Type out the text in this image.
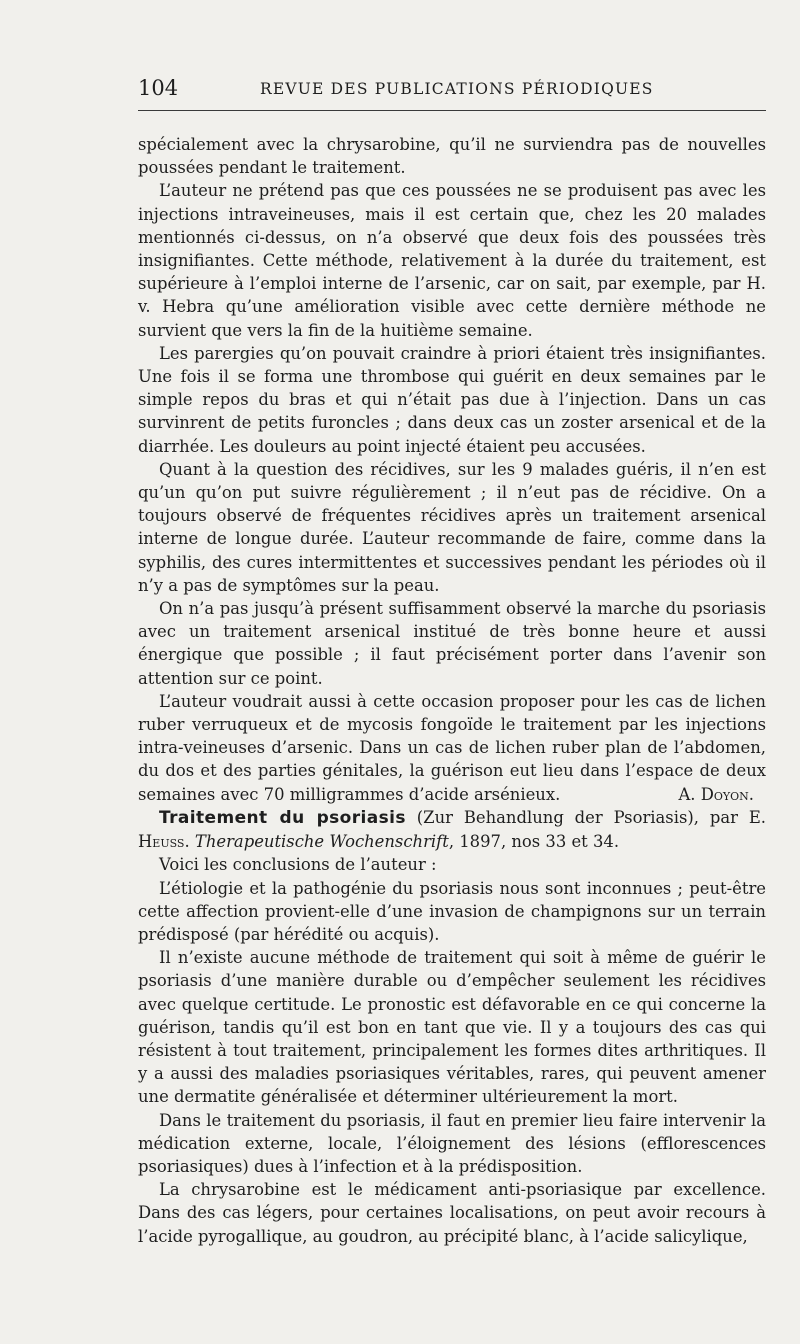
104	REVUE DES PUBLICATIONS PÉRIODIQUES

spécialement avec la chrysarobine, qu’il ne surviendra pas de nouvelles poussées pendant le traitement.

L’auteur ne prétend pas que ces poussées ne se produisent pas avec les injections intraveineuses, mais il est certain que, chez les 20 malades mentionnés ci-dessus, on n’a observé que deux fois des poussées très insignifiantes. Cette méthode, relativement à la durée du traitement, est supérieure à l’emploi interne de l’arsenic, car on sait, par exemple, par H. v. Hebra qu’une amélioration visible avec cette dernière méthode ne survient que vers la fin de la huitième semaine.

Les parergies qu’on pouvait craindre à priori étaient très insignifiantes. Une fois il se forma une thrombose qui guérit en deux semaines par le simple repos du bras et qui n’était pas due à l’injection. Dans un cas survinrent de petits furoncles ; dans deux cas un zoster arsenical et de la diarrhée. Les douleurs au point injecté étaient peu accusées.

Quant à la question des récidives, sur les 9 malades guéris, il n’en est qu’un qu’on put suivre régulièrement ; il n’eut pas de récidive. On a toujours observé de fréquentes récidives après un traitement arsenical interne de longue durée. L’auteur recommande de faire, comme dans la syphilis, des cures intermittentes et successives pendant les périodes où il n’y a pas de symptômes sur la peau.

On n’a pas jusqu’à présent suffisamment observé la marche du psoriasis avec un traitement arsenical institué de très bonne heure et aussi énergique que possible ; il faut précisément porter dans l’avenir son attention sur ce point.

L’auteur voudrait aussi à cette occasion proposer pour les cas de lichen ruber verruqueux et de mycosis fongoïde le traitement par les injections intra-veineuses d’arsenic. Dans un cas de lichen ruber plan de l’abdomen, du dos et des parties génitales, la guérison eut lieu dans l’espace de deux semaines avec 70 milligrammes d’acide arsénieux.	A. Doyon.

Traitement du psoriasis (Zur Behandlung der Psoriasis), par E. Heuss. Therapeutische Wochenschrift, 1897, nos 33 et 34.

Voici les conclusions de l’auteur :

L’étiologie et la pathogénie du psoriasis nous sont inconnues ; peut-être cette affection provient-elle d’une invasion de champignons sur un terrain prédisposé (par hérédité ou acquis).

Il n’existe aucune méthode de traitement qui soit à même de guérir le psoriasis d’une manière durable ou d’empêcher seulement les récidives avec quelque certitude. Le pronostic est défavorable en ce qui concerne la guérison, tandis qu’il est bon en tant que vie. Il y a toujours des cas qui résistent à tout traitement, principalement les formes dites arthritiques. Il y a aussi des maladies psoriasiques véritables, rares, qui peuvent amener une dermatite généralisée et déterminer ultérieurement la mort.

Dans le traitement du psoriasis, il faut en premier lieu faire intervenir la médication externe, locale, l’éloignement des lésions (efflorescences psoriasiques) dues à l’infection et à la prédisposition.

La chrysarobine est le médicament anti-psoriasique par excellence. Dans des cas légers, pour certaines localisations, on peut avoir recours à l’acide pyrogallique, au goudron, au précipité blanc, à l’acide salicylique,
